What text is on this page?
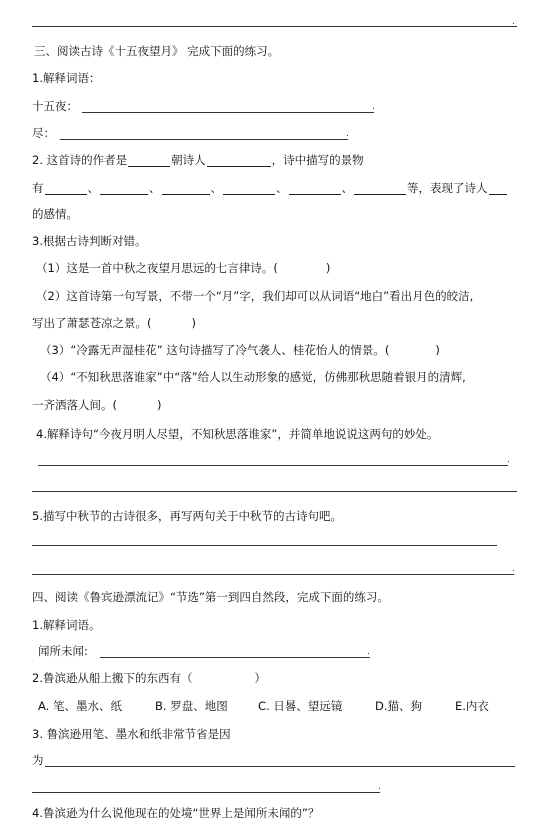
.
三、阅读古诗《十五夜望月》 完成下面的练习。
1.解释词语：
十五夜：	.
尽：	.
2. 这首诗的作者是	朝诗人	，诗中描写的景物
有	、	、	、	、	、	等，表现了诗人
的感情。
3.根据古诗判断对错。
（1）这是一首中秋之夜望月思远的七言律诗。(	)
（2）这首诗第一句写景，不带一个“月”字，我们却可以从词语“地白”看出月色的皎洁,
写出了萧瑟苍凉之景。(	)
（3）“冷露无声湿桂花” 这句诗描写了冷气袭人、桂花怡人的情景。(	)
（4）“不知秋思落谁家”中“落”给人以生动形象的感觉，仿佛那秋思随着银月的清辉,
一齐洒落人间。(	)
4.解释诗句“今夜月明人尽望，不知秋思落谁家”，并简单地说说这两句的妙处。
.
5.描写中秋节的古诗很多，再写两句关于中秋节的古诗句吧。
.
四、阅读《鲁宾逊漂流记》“节选”第一到四自然段，完成下面的练习。
1.解释词语。
闻所未闻:	.
2.鲁滨逊从船上搬下的东西有（	）
A. 笔、墨水、纸	B. 罗盘、地图	C. 日晷、望远镜	D.猫、狗	E.内衣
3. 鲁滨逊用笔、墨水和纸非常节省是因
为
.
4.鲁滨逊为什么说他现在的处境“世界上是闻所未闻的”？
